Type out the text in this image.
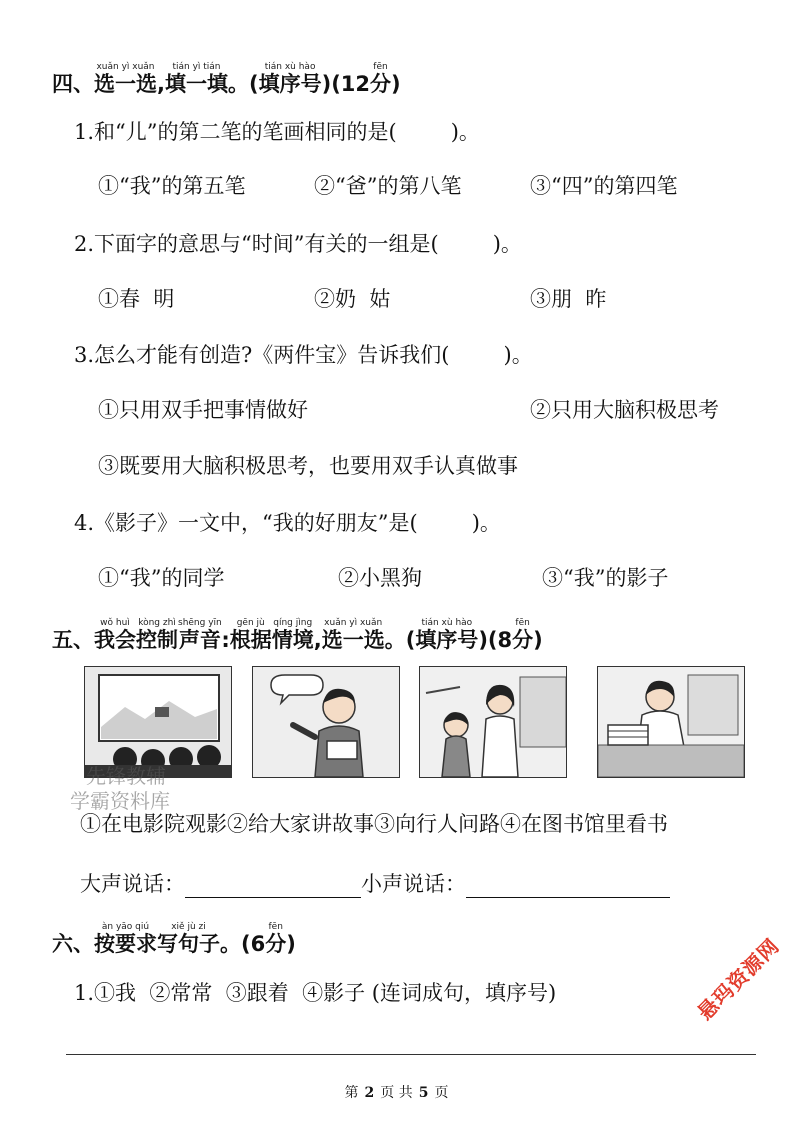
四、选一选xuǎn yì xuǎn,填一填tián yì tián。(填序号tián xù hào)(12分fēn)
1.和“儿”的第二笔的笔画相同的是(	)。
①“我”的第五笔	②“爸”的第八笔	③“四”的第四笔
2.下面字的意思与“时间”有关的一组是(	)。
①春  明	②奶  姑	③朋  昨
3.怎么才能有创造?《两件宝》告诉我们(	)。
①只用双手把事情做好	②只用大脑积极思考
③既要用大脑积极思考，也要用双手认真做事
4.《影子》一文中，“我的好朋友”是(	)。
①“我”的同学	②小黑狗	③“我”的影子
五、我会wǒ huì控制kòng zhì声音shēng yīn:根据gēn jù情境qíng jìng,选一选xuǎn yì xuǎn。(填序号tián xù hào)(8分fēn)
先锋教辅
学霸资料库
①在电影院观影②给大家讲故事③向行人问路④在图书馆里看书
大声说话：	小声说话：
六、按要求àn yāo qiú写句子xiě jù zi。(6分fēn)
1.①我  ②常常  ③跟着  ④影子 (连词成句，填序号)	悬玛资源网
第 2 页 共 5 页
